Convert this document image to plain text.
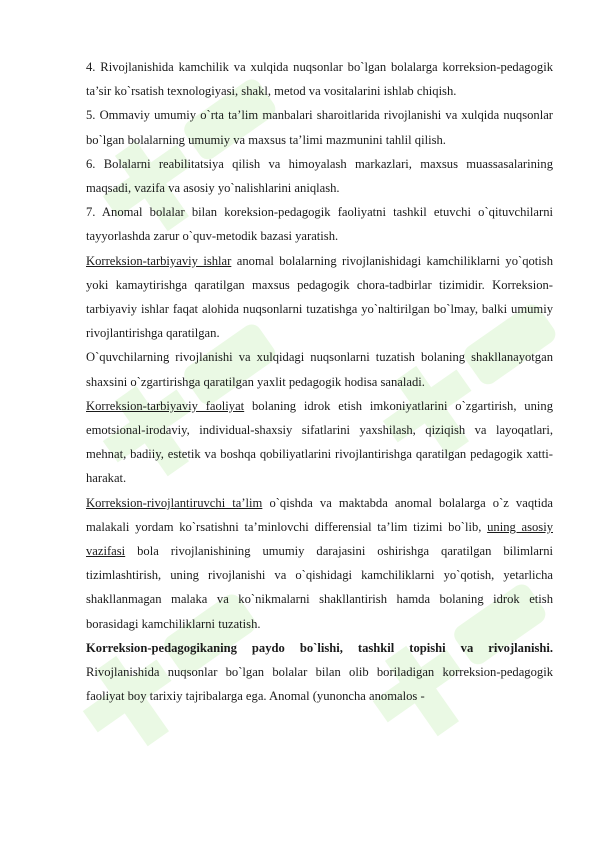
4. Rivojlanishida kamchilik va xulqida nuqsonlar bo`lgan bolalarga korreksion-pedagogik ta’sir ko`rsatish texnologiyasi, shakl, metod va vositalarini ishlab chiqish.

5. Ommaviy umumiy o`rta ta’lim manbalari sharoitlarida rivojlanishi va xulqida nuqsonlar bo`lgan bolalarning umumiy va maxsus ta’limi mazmunini tahlil qilish.

6. Bolalarni reabilitatsiya qilish va himoyalash markazlari, maxsus muassasalarining maqsadi, vazifa va asosiy yo`nalishlarini aniqlash.

7. Anomal bolalar bilan koreksion-pedagogik faoliyatni tashkil etuvchi o`qituvchilarni tayyorlashda zarur o`quv-metodik bazasi yaratish.

Korreksion-tarbiyaviy ishlar anomal bolalarning rivojlanishidagi kamchiliklarni yo`qotish yoki kamaytirishga qaratilgan maxsus pedagogik chora-tadbirlar tizimidir. Korreksion-tarbiyaviy ishlar faqat alohida nuqsonlarni tuzatishga yo`naltirilgan bo`lmay, balki umumiy rivojlantirishga qaratilgan.

O`quvchilarning rivojlanishi va xulqidagi nuqsonlarni tuzatish bolaning shakllanayotgan shaxsini o`zgartirishga qaratilgan yaxlit pedagogik hodisa sanaladi.

Korreksion-tarbiyaviy faoliyat bolaning idrok etish imkoniyatlarini o`zgartirish, uning emotsional-irodaviy, individual-shaxsiy sifatlarini yaxshilash, qiziqish va layoqatlari, mehnat, badiiy, estetik va boshqa qobiliyatlarini rivojlantirishga qaratilgan pedagogik xatti-harakat.

Korreksion-rivojlantiruvchi ta’lim o`qishda va maktabda anomal bolalarga o`z vaqtida malakali yordam ko`rsatishni ta’minlovchi differensial ta’lim tizimi bo`lib, uning asosiy vazifasi bola rivojlanishining umumiy darajasini oshirishga qaratilgan bilimlarni tizimlashtirish, uning rivojlanishi va o`qishidagi kamchiliklarni yo`qotish, yetarlicha shakllanmagan malaka va ko`nikmalarni shakllantirish hamda bolaning idrok etish borasidagi kamchiliklarni tuzatish.

Korreksion-pedagogikaning paydo bo`lishi, tashkil topishi va rivojlanishi. Rivojlanishida nuqsonlar bo`lgan bolalar bilan olib boriladigan korreksion-pedagogik faoliyat boy tarixiy tajribalarga ega. Anomal (yunoncha anomalos -
